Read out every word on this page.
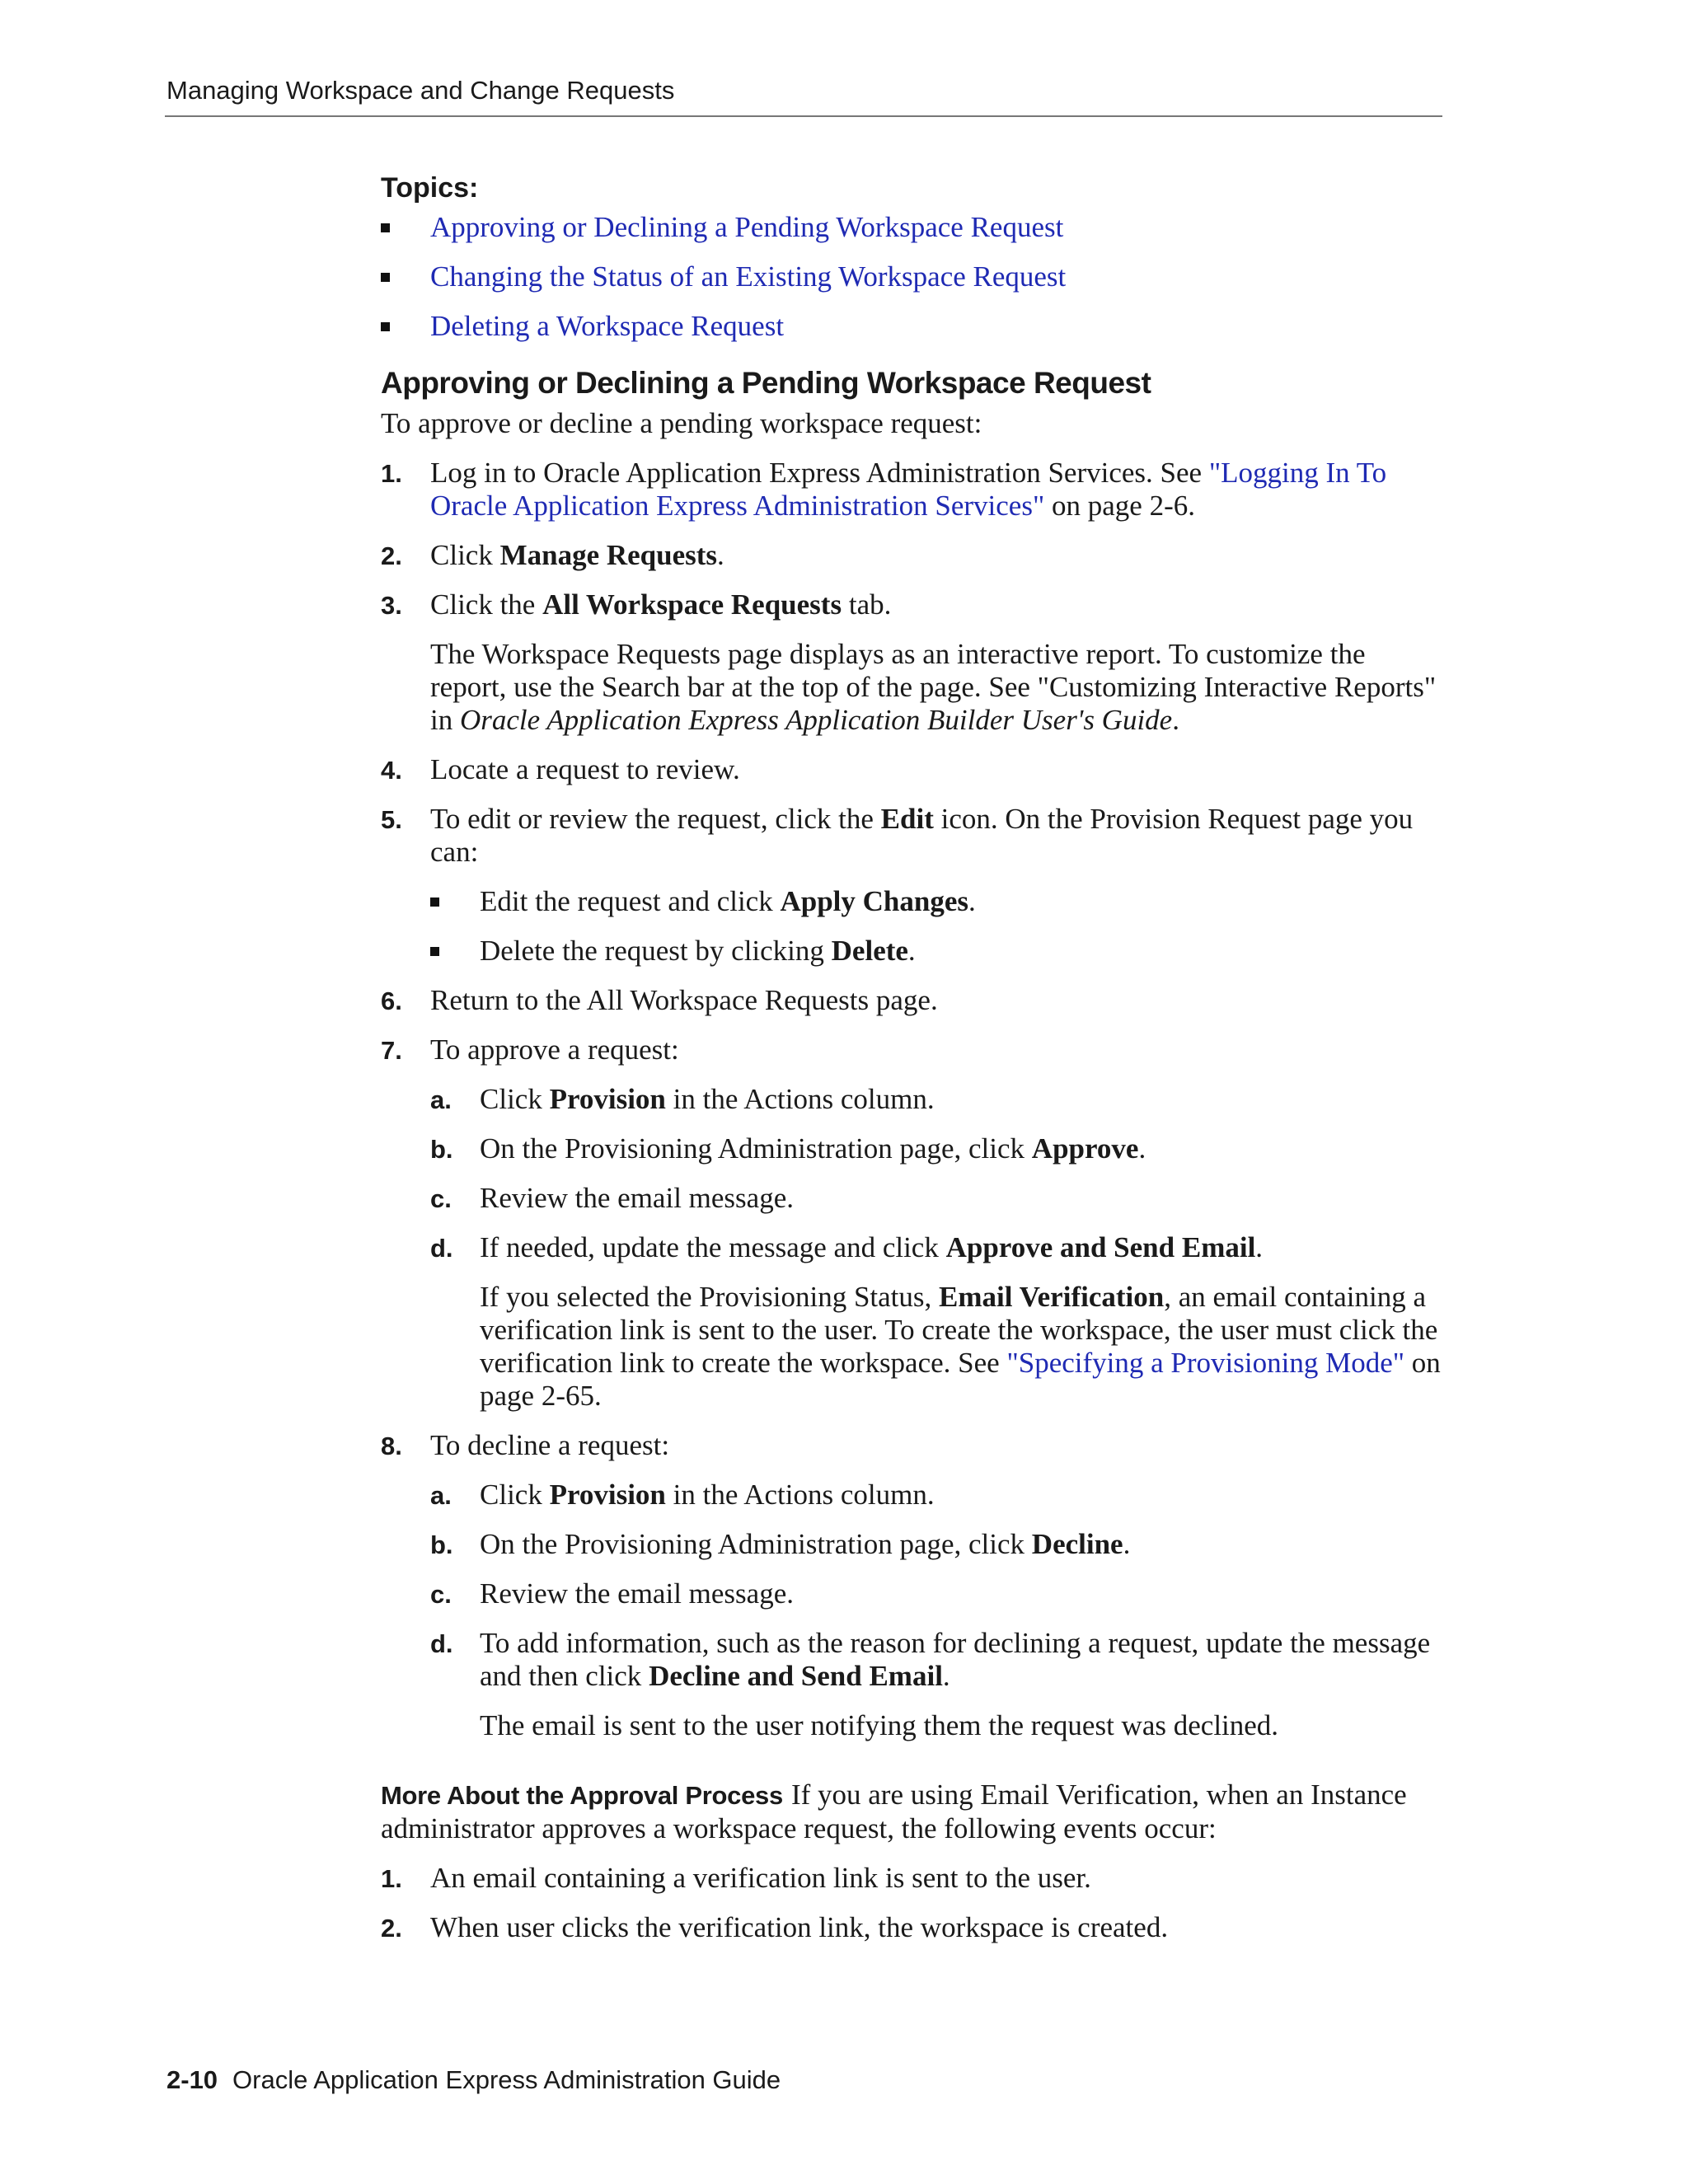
Managing Workspace and Change Requests
Topics:
Approving or Declining a Pending Workspace Request
Changing the Status of an Existing Workspace Request
Deleting a Workspace Request
Approving or Declining a Pending Workspace Request

To approve or decline a pending workspace request:

1. Log in to Oracle Application Express Administration Services. See "Logging In To Oracle Application Express Administration Services" on page 2-6.
2. Click Manage Requests.
3. Click the All Workspace Requests tab.
The Workspace Requests page displays as an interactive report. To customize the report, use the Search bar at the top of the page. See "Customizing Interactive Reports" in Oracle Application Express Application Builder User's Guide.
4. Locate a request to review.
5. To edit or review the request, click the Edit icon. On the Provision Request page you can:
Edit the request and click Apply Changes.
Delete the request by clicking Delete.
6. Return to the All Workspace Requests page.
7. To approve a request:
a. Click Provision in the Actions column.
b. On the Provisioning Administration page, click Approve.
c. Review the email message.
d. If needed, update the message and click Approve and Send Email.
If you selected the Provisioning Status, Email Verification, an email containing a verification link is sent to the user. To create the workspace, the user must click the verification link to create the workspace. See "Specifying a Provisioning Mode" on page 2-65.
8. To decline a request:
a. Click Provision in the Actions column.
b. On the Provisioning Administration page, click Decline.
c. Review the email message.
d. To add information, such as the reason for declining a request, update the message and then click Decline and Send Email.
The email is sent to the user notifying them the request was declined.

More About the Approval Process If you are using Email Verification, when an Instance administrator approves a workspace request, the following events occur:

1. An email containing a verification link is sent to the user.
2. When user clicks the verification link, the workspace is created.
2-10 Oracle Application Express Administration Guide
